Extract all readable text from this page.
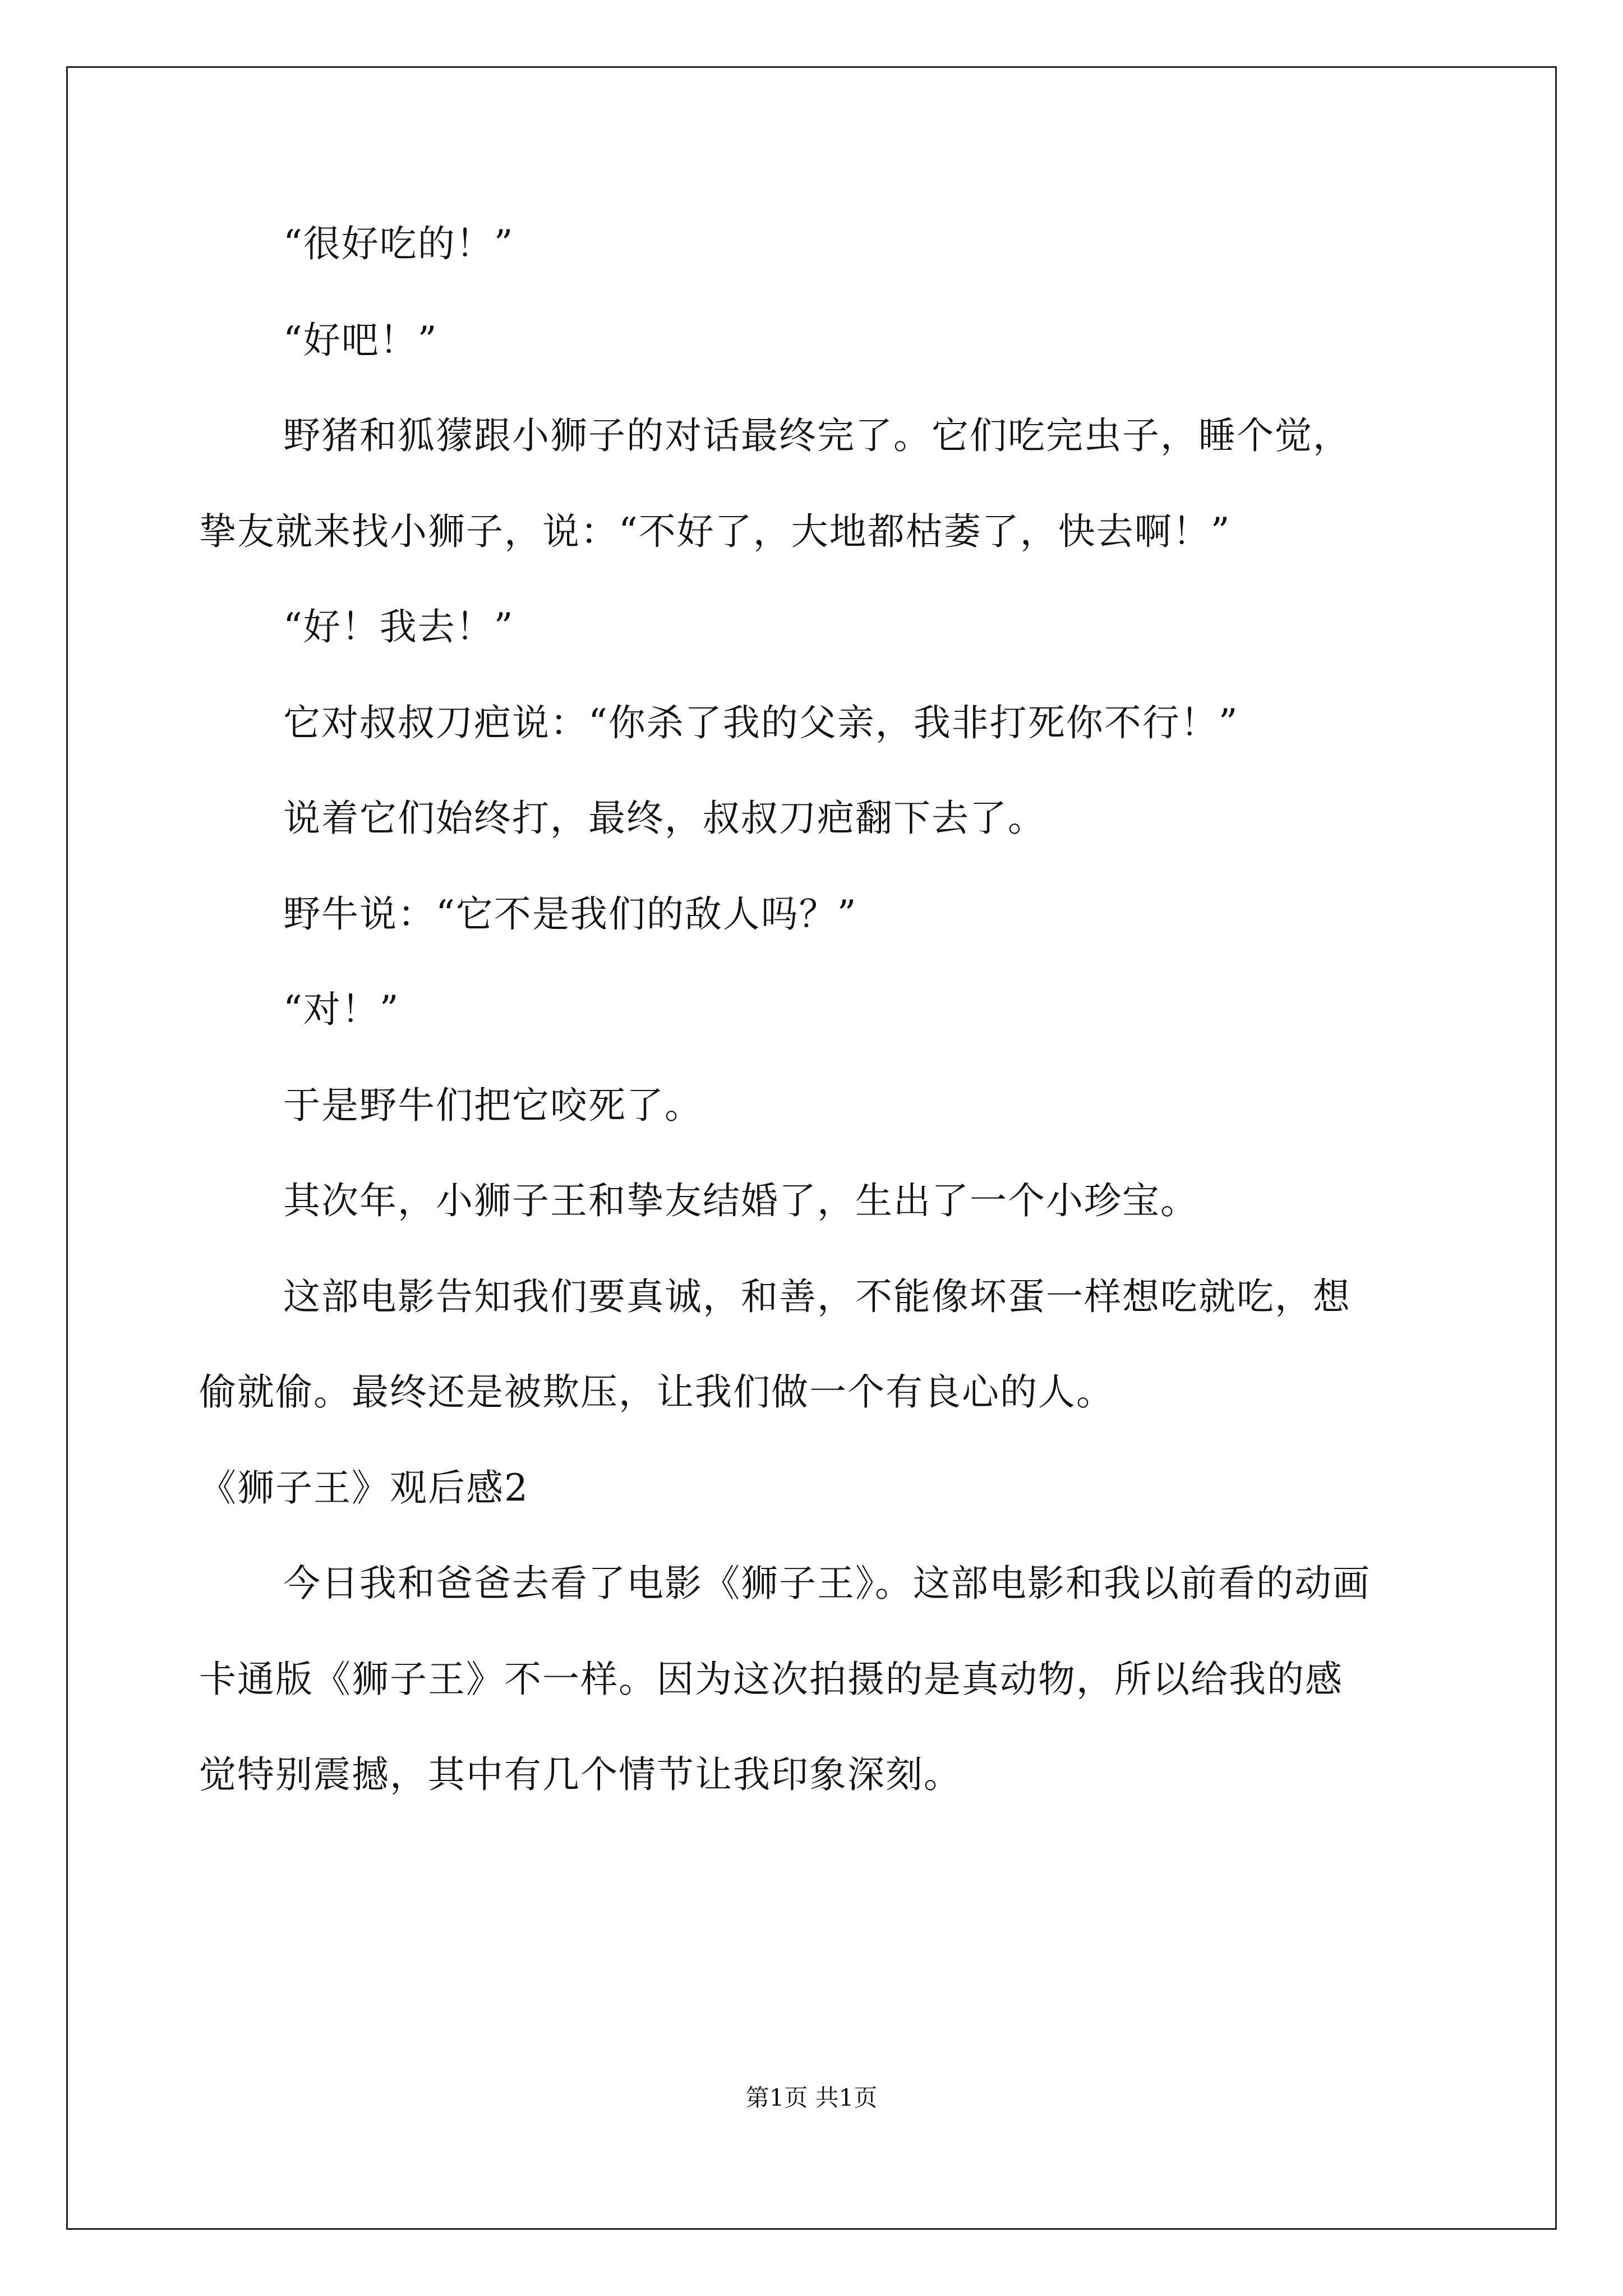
“很好吃的！”
“好吧！”
野猪和狐獴跟小狮子的对话最终完了。它们吃完虫子，睡个觉，
挚友就来找小狮子，说：“不好了，大地都枯萎了，快去啊！”
“好！我去！”
它对叔叔刀疤说：“你杀了我的父亲，我非打死你不行！”
说着它们始终打，最终，叔叔刀疤翻下去了。
野牛说：“它不是我们的敌人吗？”
“对！”
于是野牛们把它咬死了。
其次年，小狮子王和挚友结婚了，生出了一个小珍宝。
这部电影告知我们要真诚，和善，不能像坏蛋一样想吃就吃，想
偷就偷。最终还是被欺压，让我们做一个有良心的人。
《狮子王》观后感2
今日我和爸爸去看了电影《狮子王》。这部电影和我以前看的动画
卡通版《狮子王》不一样。因为这次拍摄的是真动物，所以给我的感
觉特别震撼，其中有几个情节让我印象深刻。
第1页 共1页
